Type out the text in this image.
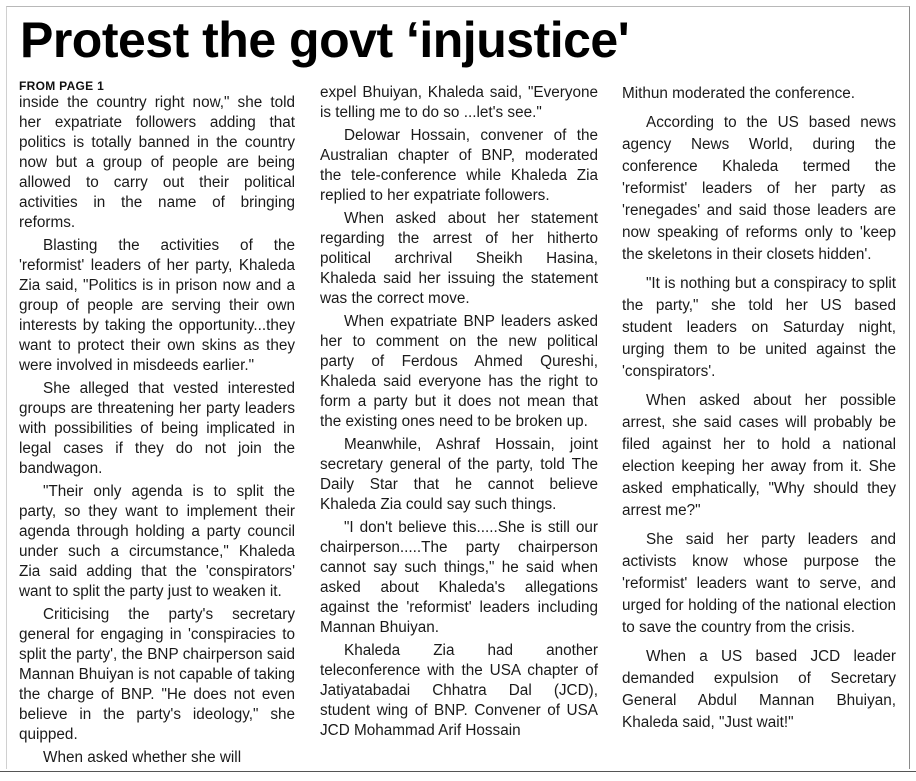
Protest the govt ‘injustice'
FROM PAGE 1

inside the country right now," she told her expatriate followers adding that politics is totally banned in the country now but a group of people are being allowed to carry out their political activities in the name of bringing reforms.

Blasting the activities of the 'reformist' leaders of her party, Khaleda Zia said, "Politics is in prison now and a group of people are serving their own interests by taking the opportunity...they want to protect their own skins as they were involved in misdeeds earlier."

She alleged that vested interested groups are threatening her party leaders with possibilities of being implicated in legal cases if they do not join the bandwagon.

"Their only agenda is to split the party, so they want to implement their agenda through holding a party council under such a circumstance," Khaleda Zia said adding that the 'conspirators' want to split the party just to weaken it.

Criticising the party's secretary general for engaging in 'conspiracies to split the party', the BNP chairperson said Mannan Bhuiyan is not capable of taking the charge of BNP. "He does not even believe in the party's ideology," she quipped.

When asked whether she will

expel Bhuiyan, Khaleda said, "Everyone is telling me to do so ...let's see."

Delowar Hossain, convener of the Australian chapter of BNP, moderated the tele-conference while Khaleda Zia replied to her expatriate followers.

When asked about her statement regarding the arrest of her hitherto political archrival Sheikh Hasina, Khaleda said her issuing the statement was the correct move.

When expatriate BNP leaders asked her to comment on the new political party of Ferdous Ahmed Qureshi, Khaleda said everyone has the right to form a party but it does not mean that the existing ones need to be broken up.

Meanwhile, Ashraf Hossain, joint secretary general of the party, told The Daily Star that he cannot believe Khaleda Zia could say such things.

"I don't believe this.....She is still our chairperson.....The party chairperson cannot say such things," he said when asked about Khaleda's allegations against the 'reformist' leaders including Mannan Bhuiyan.

Khaleda Zia had another teleconference with the USA chapter of Jatiyatabadai Chhatra Dal (JCD), student wing of BNP. Convener of USA JCD Mohammad Arif Hossain

Mithun moderated the conference.

According to the US based news agency News World, during the conference Khaleda termed the 'reformist' leaders of her party as 'renegades' and said those leaders are now speaking of reforms only to 'keep the skeletons in their closets hidden'.

"It is nothing but a conspiracy to split the party," she told her US based student leaders on Saturday night, urging them to be united against the 'conspirators'.

When asked about her possible arrest, she said cases will probably be filed against her to hold a national election keeping her away from it. She asked emphatically, "Why should they arrest me?"

She said her party leaders and activists know whose purpose the 'reformist' leaders want to serve, and urged for holding of the national election to save the country from the crisis.

When a US based JCD leader demanded expulsion of Secretary General Abdul Mannan Bhuiyan, Khaleda said, "Just wait!"
